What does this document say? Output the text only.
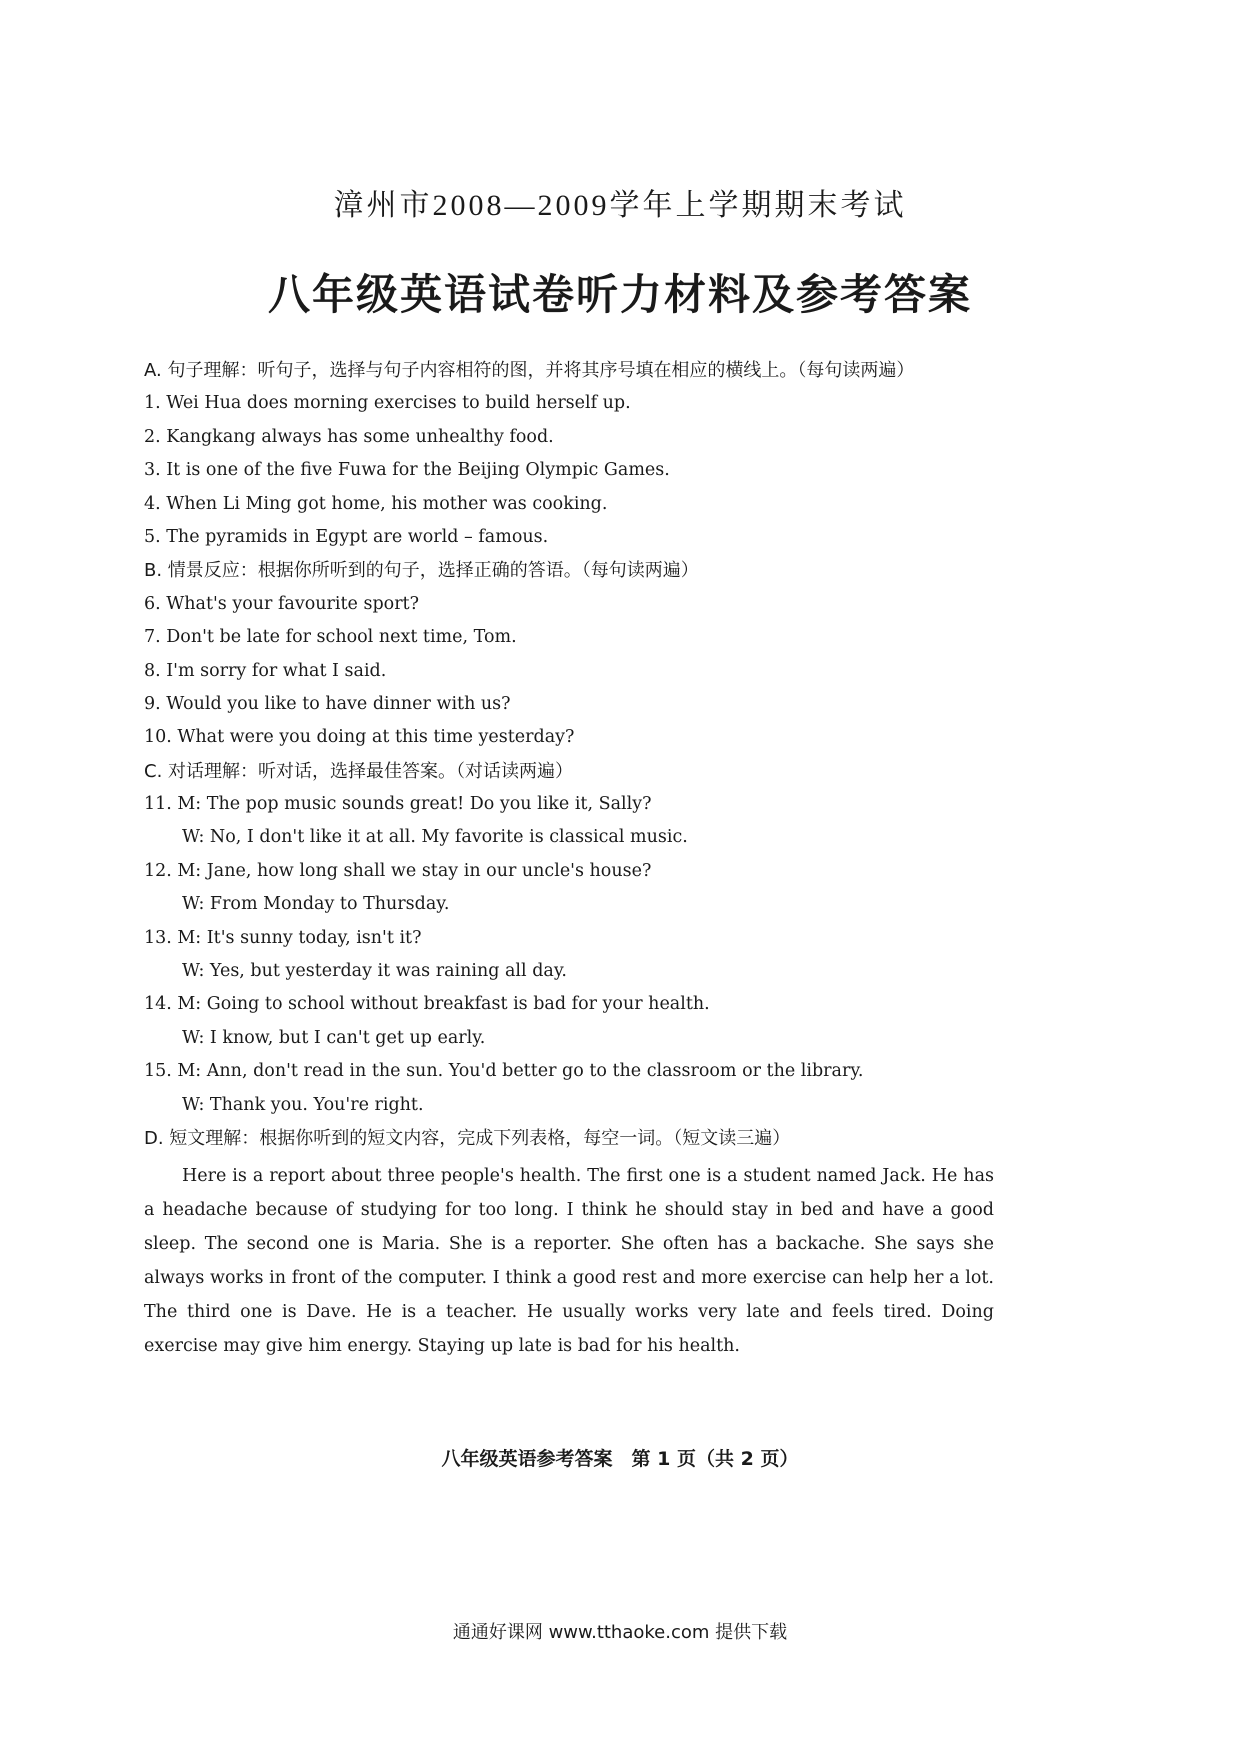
漳州市2008—2009学年上学期期末考试
八年级英语试卷听力材料及参考答案
A. 句子理解：听句子，选择与句子内容相符的图，并将其序号填在相应的横线上。（每句读两遍）
1. Wei Hua does morning exercises to build herself up.
2. Kangkang always has some unhealthy food.
3. It is one of the five Fuwa for the Beijing Olympic Games.
4. When Li Ming got home, his mother was cooking.
5. The pyramids in Egypt are world – famous.
B. 情景反应：根据你所听到的句子，选择正确的答语。（每句读两遍）
6. What's your favourite sport?
7. Don't be late for school next time, Tom.
8. I'm sorry for what I said.
9. Would you like to have dinner with us?
10. What were you doing at this time yesterday?
C. 对话理解：听对话，选择最佳答案。（对话读两遍）
11. M: The pop music sounds great! Do you like it, Sally?
W: No, I don't like it at all. My favorite is classical music.
12. M: Jane, how long shall we stay in our uncle's house?
W: From Monday to Thursday.
13. M: It's sunny today, isn't it?
W: Yes, but yesterday it was raining all day.
14. M: Going to school without breakfast is bad for your health.
W: I know, but I can't get up early.
15. M: Ann, don't read in the sun. You'd better go to the classroom or the library.
W: Thank you. You're right.
D. 短文理解：根据你听到的短文内容，完成下列表格，每空一词。（短文读三遍）
Here is a report about three people's health. The first one is a student named Jack. He has a headache because of studying for too long. I think he should stay in bed and have a good sleep. The second one is Maria. She is a reporter. She often has a backache. She says she always works in front of the computer. I think a good rest and more exercise can help her a lot. The third one is Dave. He is a teacher. He usually works very late and feels tired. Doing exercise may give him energy. Staying up late is bad for his health.
八年级英语参考答案　第 1 页（共 2 页）
通通好课网 www.tthaoke.com 提供下载
